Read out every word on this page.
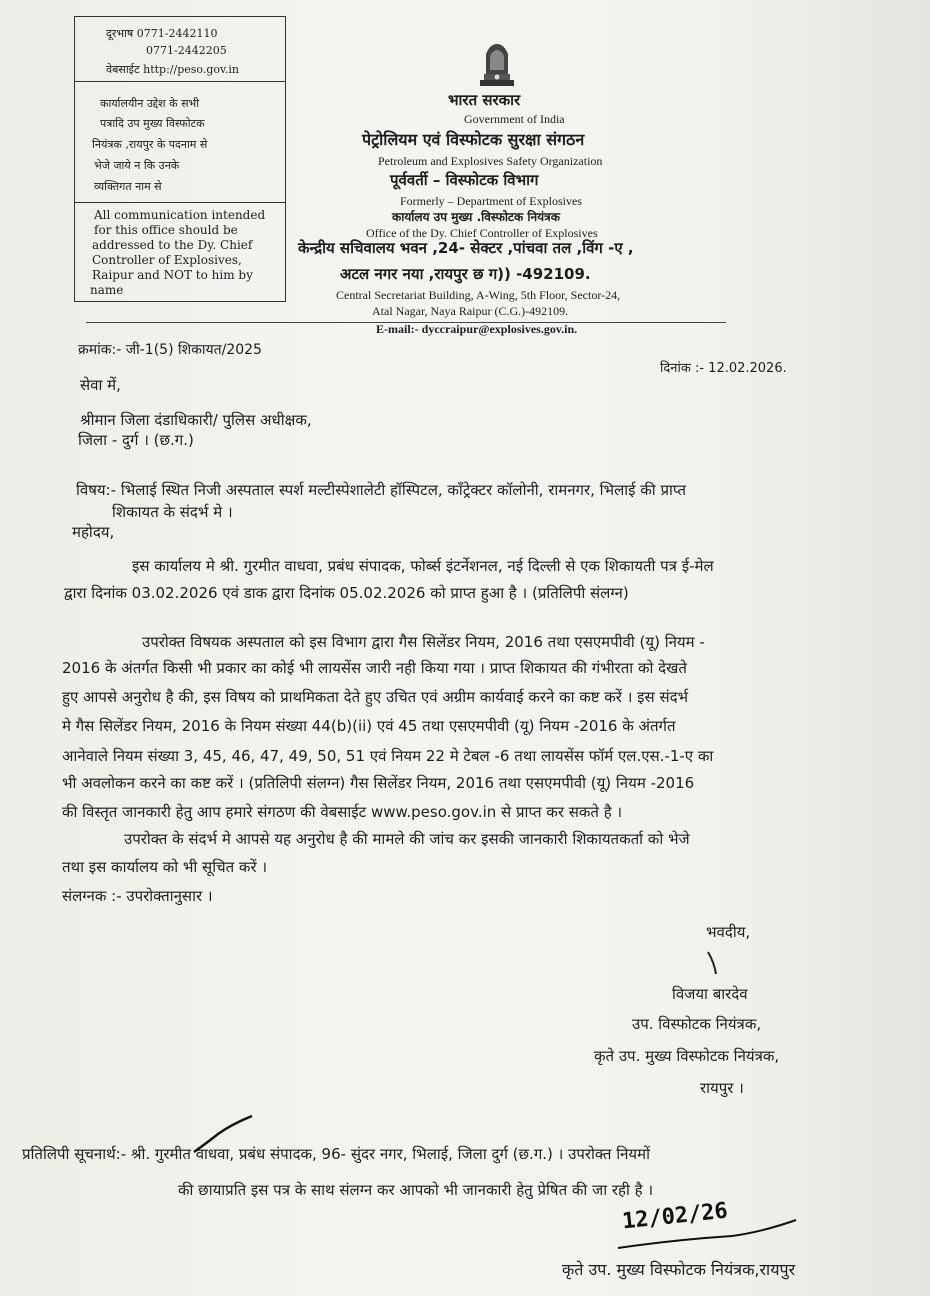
दूरभाष 0771-2442110
0771-2442205
वेबसाईट http://peso.gov.in
कार्यालयीन उद्देश के सभी
पत्रादि उप मुख्य विस्फोटक
नियंत्रक ,रायपुर के पदनाम से
भेजे जाये न कि उनके
व्यक्तिगत नाम से
All communication intended
for this office should be
addressed to the Dy. Chief
Controller of Explosives,
Raipur and NOT to him by
name
भारत सरकार
Government of India
पेट्रोलियम एवं विस्फोटक सुरक्षा संगठन
Petroleum and Explosives Safety Organization
पूर्ववर्ती – विस्फोटक विभाग
Formerly – Department of Explosives
कार्यालय उप मुख्य .विस्फोटक नियंत्रक
Office of the Dy. Chief Controller of Explosives
केन्द्रीय सचिवालय भवन ,24- सेक्टर ,पांचवा तल ,विंग -ए ,
अटल नगर नया ,रायपुर छ ग)) -492109.
Central Secretariat Building, A-Wing, 5th Floor, Sector-24,
Atal Nagar, Naya Raipur (C.G.)-492109.
E-mail:- dyccraipur@explosives.gov.in.
क्रमांक:- जी-1(5) शिकायत/2025
दिनांक :- 12.02.2026.
सेवा में,
श्रीमान जिला दंडाधिकारी/ पुलिस अधीक्षक,
जिला - दुर्ग । (छ.ग.)
विषय:- भिलाई स्थित निजी अस्पताल स्पर्श मल्टीस्पेशालेटी हॉस्पिटल, कॉंट्रेक्टर कॉलोनी, रामनगर, भिलाई की प्राप्त
शिकायत के संदर्भ मे ।
महोदय,
इस कार्यालय मे श्री. गुरमीत वाधवा, प्रबंध संपादक, फोर्ब्स इंटर्नेशनल, नई दिल्ली से एक शिकायती पत्र ई-मेल
द्वारा दिनांक 03.02.2026 एवं डाक द्वारा दिनांक 05.02.2026 को प्राप्त हुआ है । (प्रतिलिपी संलग्न)
उपरोक्त विषयक अस्पताल को इस विभाग द्वारा गैस सिलेंडर नियम, 2016 तथा एसएमपीवी (यू) नियम -
2016 के अंतर्गत किसी भी प्रकार का कोई भी लायसेंस जारी नही किया गया । प्राप्त शिकायत की गंभीरता को देखते
हुए आपसे अनुरोध है की, इस विषय को प्राथमिकता देते हुए उचित एवं अग्रीम कार्यवाई करने का कष्ट करें । इस संदर्भ
मे गैस सिलेंडर नियम, 2016 के नियम संख्या 44(b)(ii) एवं 45 तथा एसएमपीवी (यू) नियम -2016 के अंतर्गत
आनेवाले नियम संख्या 3, 45, 46, 47, 49, 50, 51 एवं नियम 22 मे टेबल -6 तथा लायसेंस फॉर्म एल.एस.-1-ए का
भी अवलोकन करने का कष्ट करें । (प्रतिलिपी संलग्न) गैस सिलेंडर नियम, 2016 तथा एसएमपीवी (यू) नियम -2016
की विस्तृत जानकारी हेतु आप हमारे संगठण की वेबसाईट www.peso.gov.in से प्राप्त कर सकते है ।
उपरोक्त के संदर्भ मे आपसे यह अनुरोध है की मामले की जांच कर इसकी जानकारी शिकायतकर्ता को भेजे
तथा इस कार्यालय को भी सूचित करें ।
संलग्नक :- उपरोक्तानुसार ।
भवदीय,
विजया बारदेव
उप. विस्फोटक नियंत्रक,
कृते उप. मुख्य विस्फोटक नियंत्रक,
रायपुर ।
प्रतिलिपी सूचनार्थ:- श्री. गुरमीत वाधवा, प्रबंध संपादक, 96- सुंदर नगर, भिलाई, जिला दुर्ग (छ.ग.) । उपरोक्त नियमों
की छायाप्रति इस पत्र के साथ संलग्न कर आपको भी जानकारी हेतु प्रेषित की जा रही है ।
12/02/26
कृते उप. मुख्य विस्फोटक नियंत्रक,रायपुर
